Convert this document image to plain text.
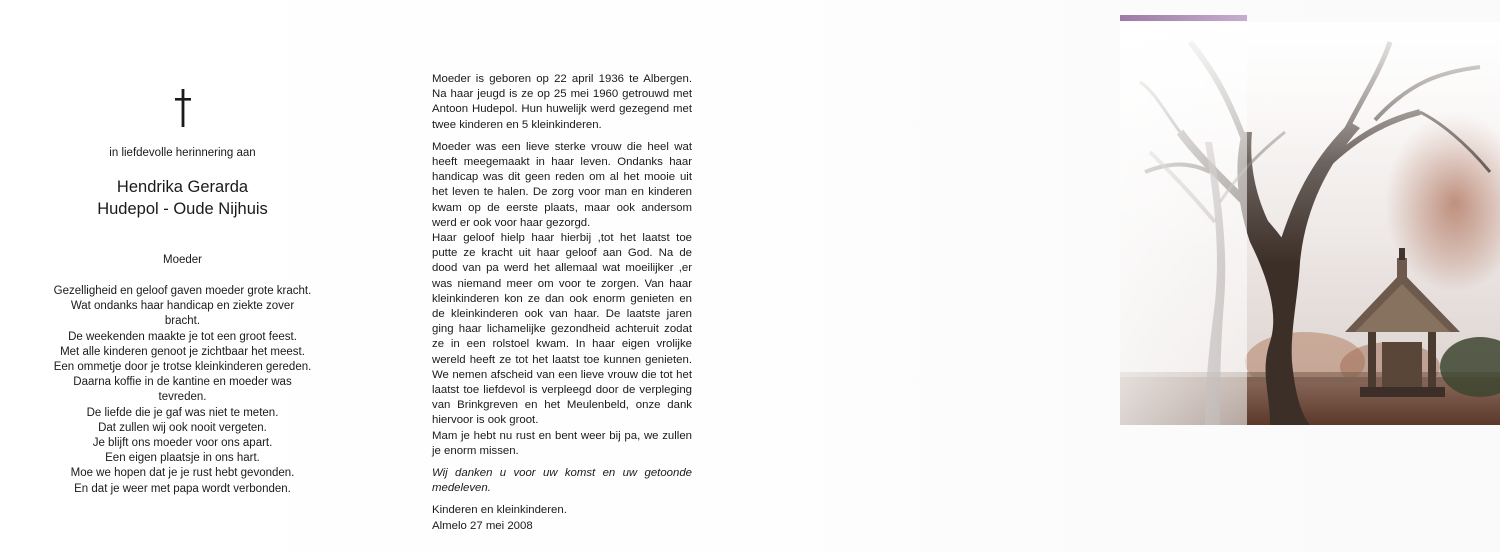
in liefdevolle herinnering aan
Hendrika Gerarda
Hudepol - Oude Nijhuis
Moeder
Gezelligheid en geloof gaven moeder grote kracht.
Wat ondanks haar handicap en ziekte zover
bracht.
De weekenden maakte je tot een groot feest.
Met alle kinderen genoot je zichtbaar het meest.
Een ommetje door je trotse kleinkinderen gereden.
Daarna koffie in de kantine en moeder was
tevreden.
De liefde die je gaf was niet te meten.
Dat zullen wij ook nooit vergeten.
Je blijft ons moeder voor ons apart.
Een eigen plaatsje in ons hart.
Moe we hopen dat je je rust hebt gevonden.
En dat je weer met papa wordt verbonden.

Moeder is geboren op 22 april 1936 te Albergen. Na haar jeugd is ze op 25 mei 1960 getrouwd met Antoon Hudepol. Hun huwelijk werd gezegend met twee kinderen en 5 kleinkinderen.

Moeder was een lieve sterke vrouw die heel wat heeft meegemaakt in haar leven. Ondanks haar handicap was dit geen reden om al het mooie uit het leven te halen. De zorg voor man en kinderen kwam op de eerste plaats, maar ook andersom werd er ook voor haar gezorgd.

Haar geloof hielp haar hierbij ,tot het laatst toe putte ze kracht uit haar geloof aan God. Na de dood van pa werd het allemaal wat moeilijker ,er was niemand meer om voor te zorgen. Van haar kleinkinderen kon ze dan ook enorm genieten en de kleinkinderen ook van haar. De laatste jaren ging haar lichamelijke gezondheid achteruit zodat ze in een rolstoel kwam. In haar eigen vrolijke wereld heeft ze tot het laatst toe kunnen genieten. We nemen afscheid van een lieve vrouw die tot het laatst toe liefdevol is verpleegd door de verpleging van Brinkgreven en het Meulenbeld, onze dank hiervoor is ook groot.

Mam je hebt nu rust en bent weer bij pa, we zullen je enorm missen.

Wij danken u voor uw komst en uw getoonde medeleven.

Kinderen en kleinkinderen.
Almelo 27 mei 2008
